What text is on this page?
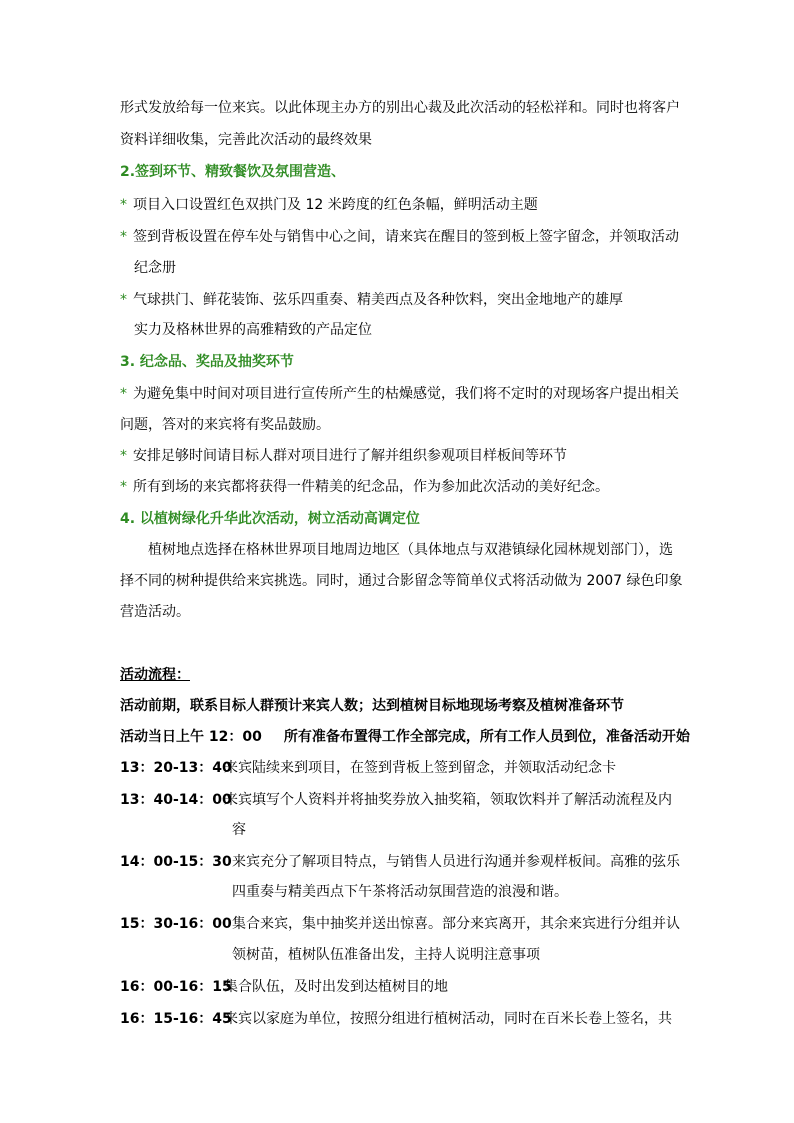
形式发放给每一位来宾。以此体现主办方的别出心裁及此次活动的轻松祥和。同时也将客户
资料详细收集，完善此次活动的最终效果
2.签到环节、精致餐饮及氛围营造、
* 项目入口设置红色双拱门及 12 米跨度的红色条幅，鲜明活动主题
* 签到背板设置在停车处与销售中心之间，请来宾在醒目的签到板上签字留念，并领取活动
纪念册
* 气球拱门、鲜花装饰、弦乐四重奏、精美西点及各种饮料，突出金地地产的雄厚
实力及格林世界的高雅精致的产品定位
3. 纪念品、奖品及抽奖环节
* 为避免集中时间对项目进行宣传所产生的枯燥感觉，我们将不定时的对现场客户提出相关
问题，答对的来宾将有奖品鼓励。
* 安排足够时间请目标人群对项目进行了解并组织参观项目样板间等环节
* 所有到场的来宾都将获得一件精美的纪念品，作为参加此次活动的美好纪念。
4. 以植树绿化升华此次活动，树立活动高调定位
植树地点选择在格林世界项目地周边地区（具体地点与双港镇绿化园林规划部门），选
择不同的树种提供给来宾挑选。同时，通过合影留念等简单仪式将活动做为 2007 绿色印象
营造活动。
活动流程：
活动前期，联系目标人群预计来宾人数；达到植树目标地现场考察及植树准备环节
活动当日上午 12：00 所有准备布置得工作全部完成，所有工作人员到位，准备活动开始
13：20-13：40来宾陆续来到项目，在签到背板上签到留念，并领取活动纪念卡
13：40-14：00来宾填写个人资料并将抽奖券放入抽奖箱，领取饮料并了解活动流程及内
容
14：00-15：30来宾充分了解项目特点，与销售人员进行沟通并参观样板间。高雅的弦乐
四重奏与精美西点下午茶将活动氛围营造的浪漫和谐。
15：30-16：00集合来宾，集中抽奖并送出惊喜。部分来宾离开，其余来宾进行分组并认
领树苗，植树队伍准备出发，主持人说明注意事项
16：00-16：15集合队伍，及时出发到达植树目的地
16：15-16：45来宾以家庭为单位，按照分组进行植树活动，同时在百米长卷上签名，共
